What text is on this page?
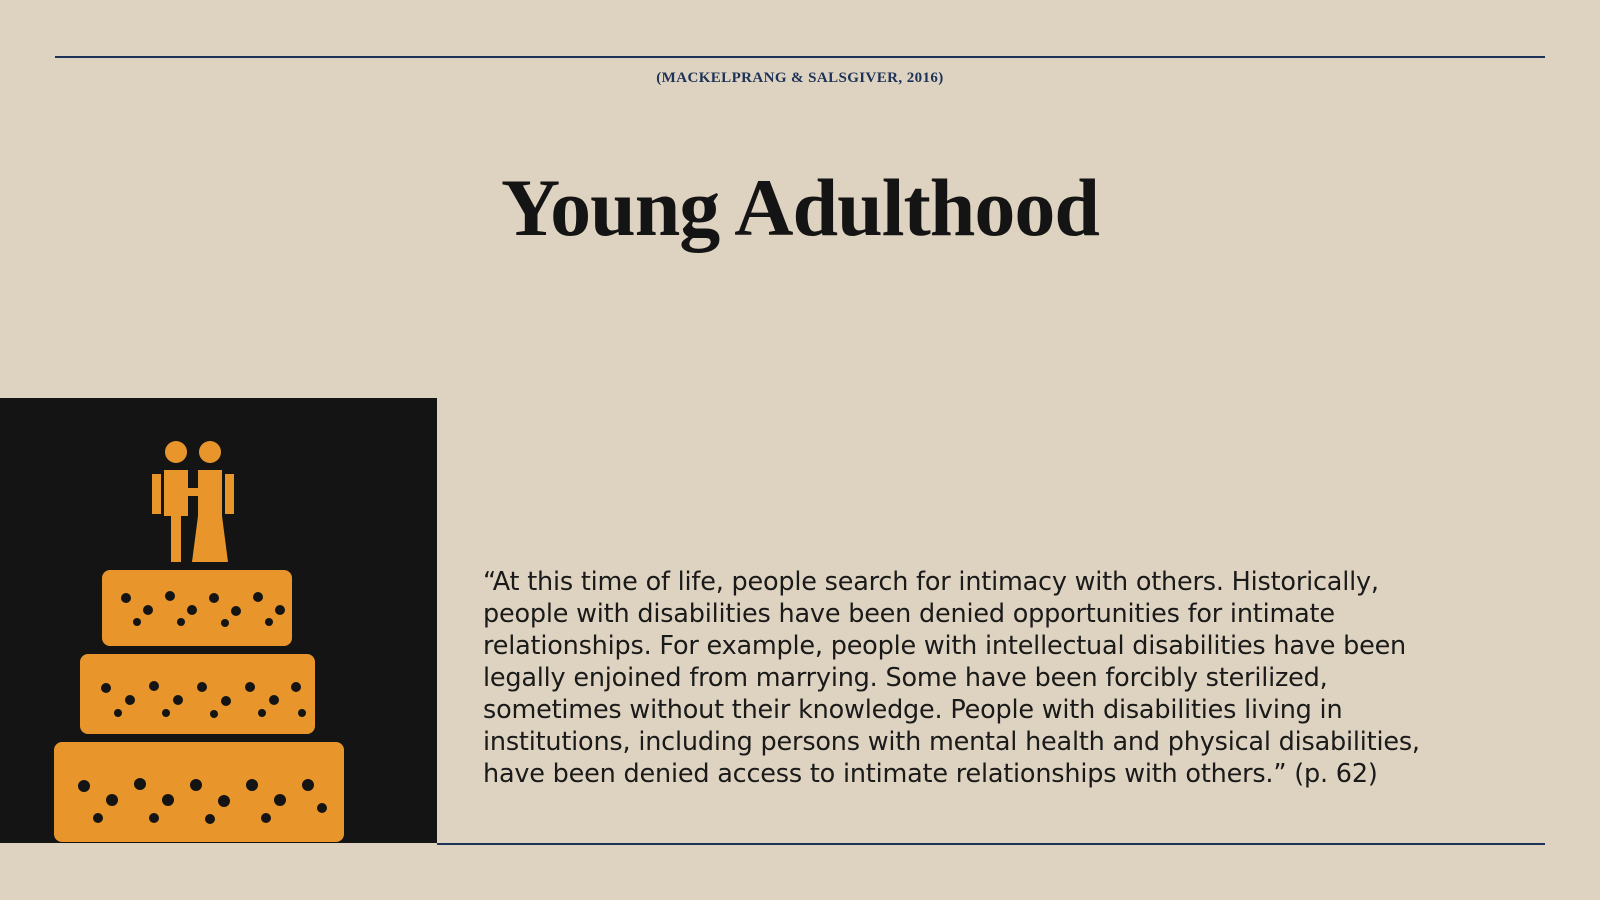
(MACKELPRANG & SALSGIVER, 2016)
Young Adulthood

“At this time of life, people search for intimacy with others. Historically, people with disabilities have been denied opportunities for intimate relationships. For example, people with intellectual disabilities have been legally enjoined from marrying. Some have been forcibly sterilized, sometimes without their knowledge. People with disabilities living in institutions, including persons with mental health and physical disabilities, have been denied access to intimate relationships with others.” (p. 62)
